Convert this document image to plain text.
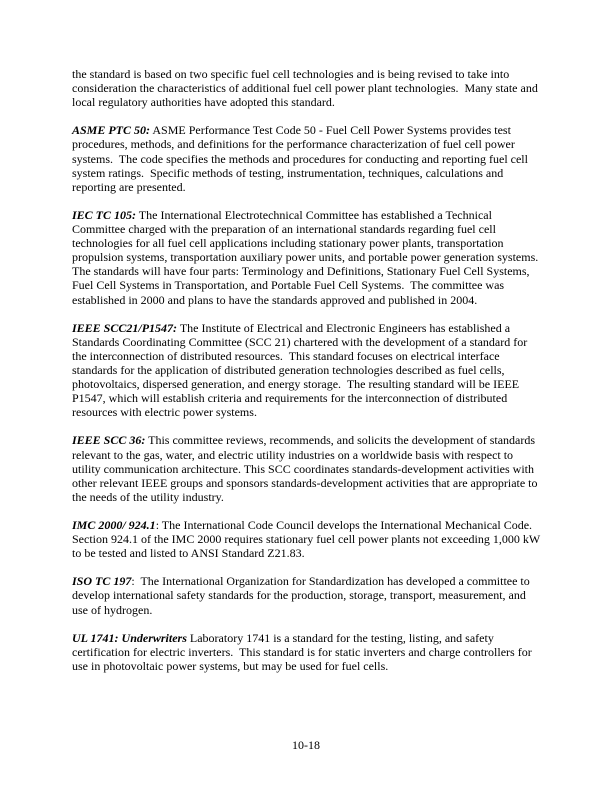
the standard is based on two specific fuel cell technologies and is being revised to take into consideration the characteristics of additional fuel cell power plant technologies.  Many state and local regulatory authorities have adopted this standard.

ASME PTC 50: ASME Performance Test Code 50 - Fuel Cell Power Systems provides test procedures, methods, and definitions for the performance characterization of fuel cell power systems.  The code specifies the methods and procedures for conducting and reporting fuel cell system ratings.  Specific methods of testing, instrumentation, techniques, calculations and reporting are presented.

IEC TC 105: The International Electrotechnical Committee has established a Technical Committee charged with the preparation of an international standards regarding fuel cell technologies for all fuel cell applications including stationary power plants, transportation propulsion systems, transportation auxiliary power units, and portable power generation systems. The standards will have four parts: Terminology and Definitions, Stationary Fuel Cell Systems, Fuel Cell Systems in Transportation, and Portable Fuel Cell Systems.  The committee was established in 2000 and plans to have the standards approved and published in 2004.

IEEE SCC21/P1547: The Institute of Electrical and Electronic Engineers has established a Standards Coordinating Committee (SCC 21) chartered with the development of a standard for the interconnection of distributed resources.  This standard focuses on electrical interface standards for the application of distributed generation technologies described as fuel cells, photovoltaics, dispersed generation, and energy storage.  The resulting standard will be IEEE P1547, which will establish criteria and requirements for the interconnection of distributed resources with electric power systems.

IEEE SCC 36: This committee reviews, recommends, and solicits the development of standards relevant to the gas, water, and electric utility industries on a worldwide basis with respect to utility communication architecture. This SCC coordinates standards-development activities with other relevant IEEE groups and sponsors standards-development activities that are appropriate to the needs of the utility industry.

IMC 2000/ 924.1: The International Code Council develops the International Mechanical Code. Section 924.1 of the IMC 2000 requires stationary fuel cell power plants not exceeding 1,000 kW to be tested and listed to ANSI Standard Z21.83.

ISO TC 197:  The International Organization for Standardization has developed a committee to develop international safety standards for the production, storage, transport, measurement, and use of hydrogen.

UL 1741: Underwriters Laboratory 1741 is a standard for the testing, listing, and safety certification for electric inverters.  This standard is for static inverters and charge controllers for use in photovoltaic power systems, but may be used for fuel cells.

10-18
